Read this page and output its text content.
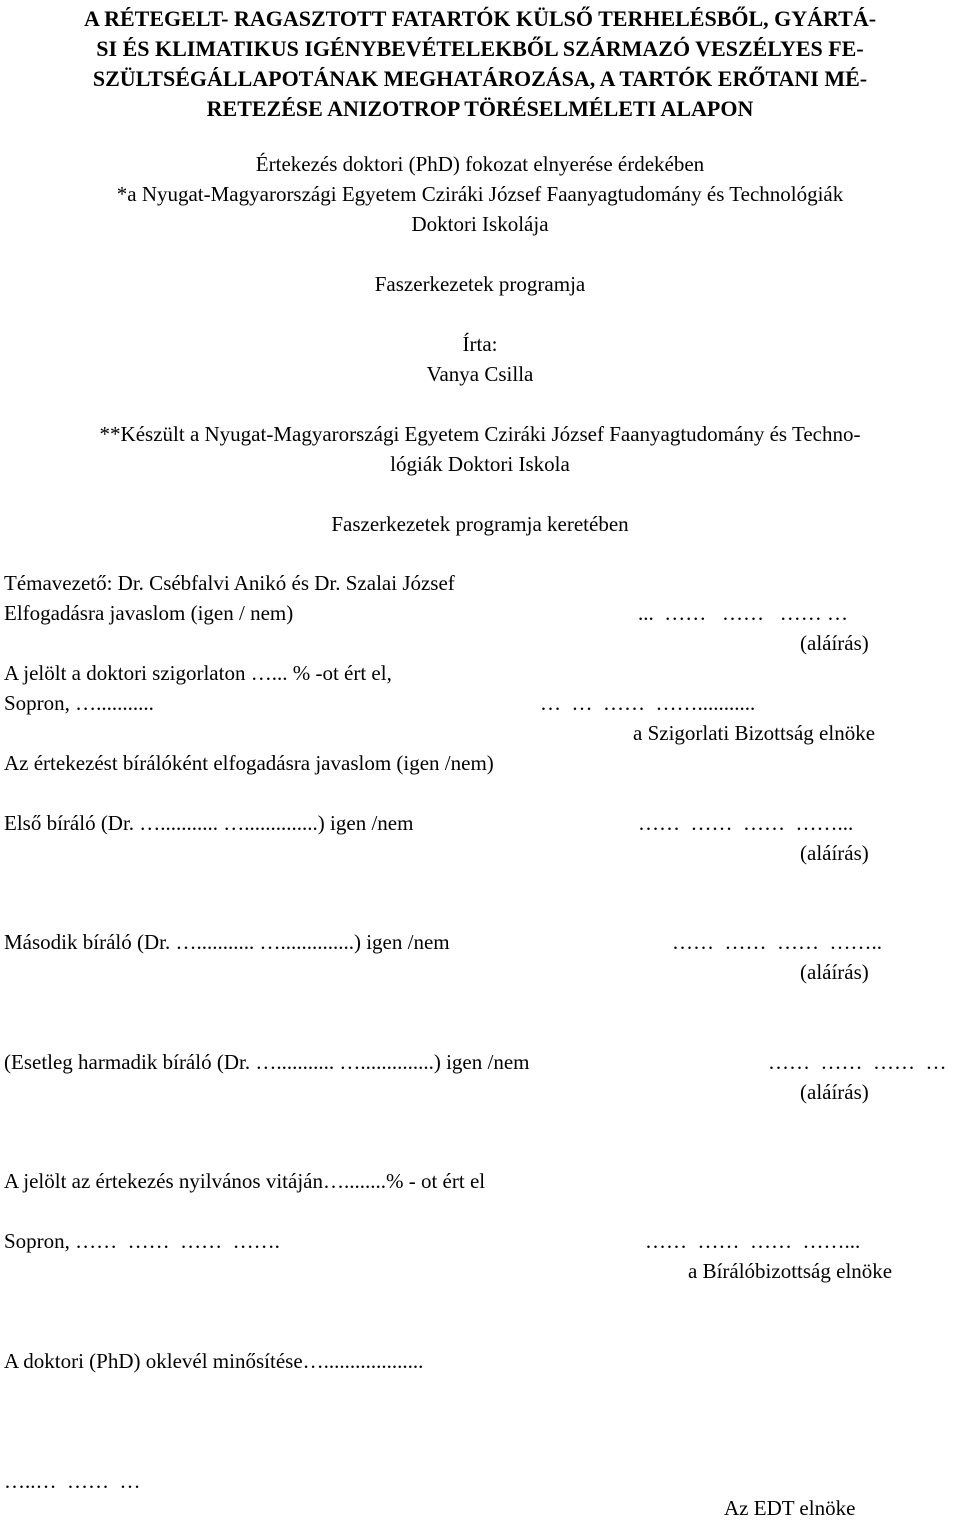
A RÉTEGELT- RAGASZTOTT FATARTÓK KÜLSŐ TERHELÉSBŐL, GYÁRTÁ-
SI ÉS KLIMATIKUS IGÉNYBEVÉTELEKBŐL SZÁRMAZÓ VESZÉLYES FE-
SZÜLTSÉGÁLLAPOTÁNAK MEGHATÁROZÁSA, A TARTÓK ERŐTANI MÉ-
RETEZÉSE ANIZOTROP TÖRÉSELMÉLETI ALAPON
Értekezés doktori (PhD) fokozat elnyerése érdekében
*a Nyugat-Magyarországi Egyetem Cziráki József Faanyagtudomány és Technológiák
Doktori Iskolája
Faszerkezetek programja
Írta:
Vanya Csilla
**Készült a Nyugat-Magyarországi Egyetem Cziráki József Faanyagtudomány és Techno-
lógiák Doktori Iskola
Faszerkezetek programja keretében
Témavezető: Dr. Csébfalvi Anikó és Dr. Szalai József
Elfogadásra javaslom (igen / nem)	...  ……   ……   …… …
(aláírás)
A jelölt a doktori szigorlaton …... % -ot ért el,
Sopron, …...........	…  …  ……  ……...........
a Szigorlati Bizottság elnöke
Az értekezést bírálóként elfogadásra javaslom (igen /nem)
Első bíráló (Dr. …........... …..............) igen /nem	……  ……  ……  ……...
(aláírás)
Második bíráló (Dr. …........... …..............) igen /nem	……  ……  ……  ……..
(aláírás)
(Esetleg harmadik bíráló (Dr. …........... …..............) igen /nem	……  ……  ……  …
(aláírás)
A jelölt az értekezés nyilvános vitáján…........% - ot ért el
Sopron, ……  ……  ……  …….	……  ……  ……  ……...
a Bírálóbizottság elnöke
A doktori (PhD) oklevél minősítése…...................
…..…  ……  …
Az EDT elnöke
